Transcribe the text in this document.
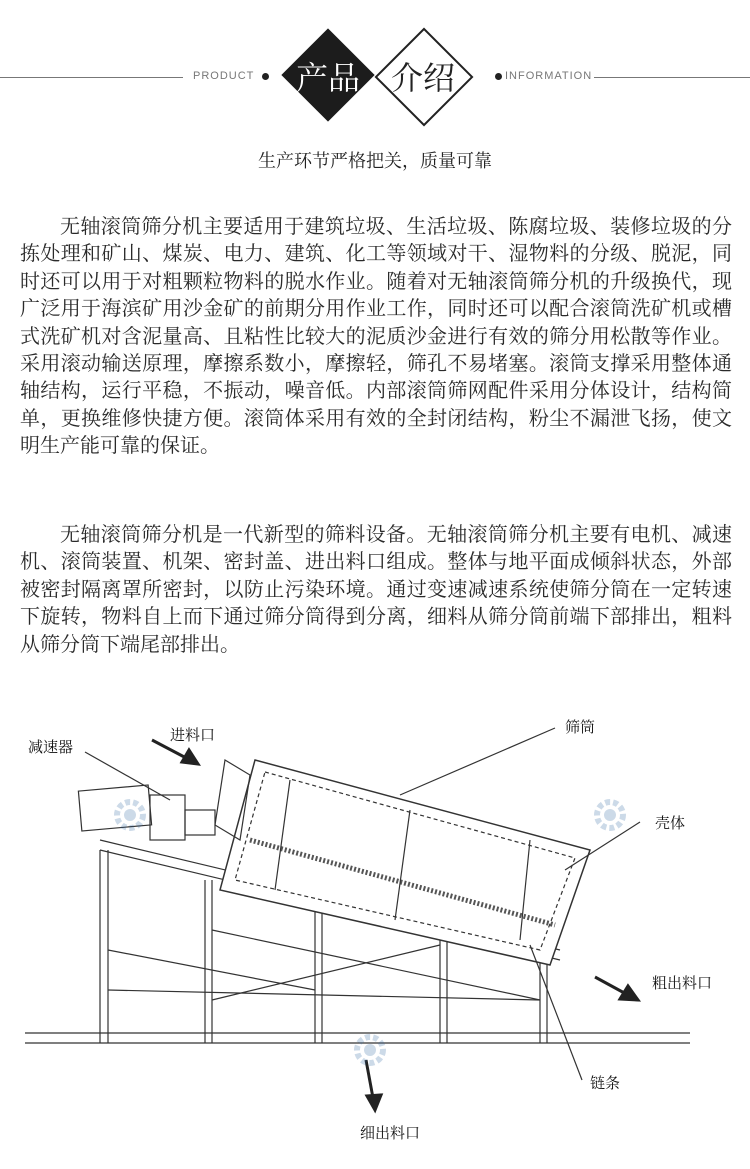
PRODUCT	产品 介绍	INFORMATION
生产环节严格把关，质量可靠

无轴滚筒筛分机主要适用于建筑垃圾、生活垃圾、陈腐垃圾、装修垃圾的分拣处理和矿山、煤炭、电力、建筑、化工等领域对干、湿物料的分级、脱泥，同时还可以用于对粗颗粒物料的脱水作业。随着对无轴滚筒筛分机的升级换代，现广泛用于海滨矿用沙金矿的前期分用作业工作，同时还可以配合滚筒洗矿机或槽式洗矿机对含泥量高、且粘性比较大的泥质沙金进行有效的筛分用松散等作业。采用滚动输送原理，摩擦系数小，摩擦轻，筛孔不易堵塞。滚筒支撑采用整体通轴结构，运行平稳，不振动，噪音低。内部滚筒筛网配件采用分体设计，结构简单，更换维修快捷方便。滚筒体采用有效的全封闭结构，粉尘不漏泄飞扬，使文明生产能可靠的保证。

无轴滚筒筛分机是一代新型的筛料设备。无轴滚筒筛分机主要有电机、减速机、滚筒装置、机架、密封盖、进出料口组成。整体与地平面成倾斜状态，外部被密封隔离罩所密封，以防止污染环境。通过变速减速系统使筛分筒在一定转速下旋转，物料自上而下通过筛分筒得到分离，细料从筛分筒前端下部排出，粗料从筛分筒下端尾部排出。

减速器
进料口	筛筒
壳体
粗出料口
链条
细出料口
